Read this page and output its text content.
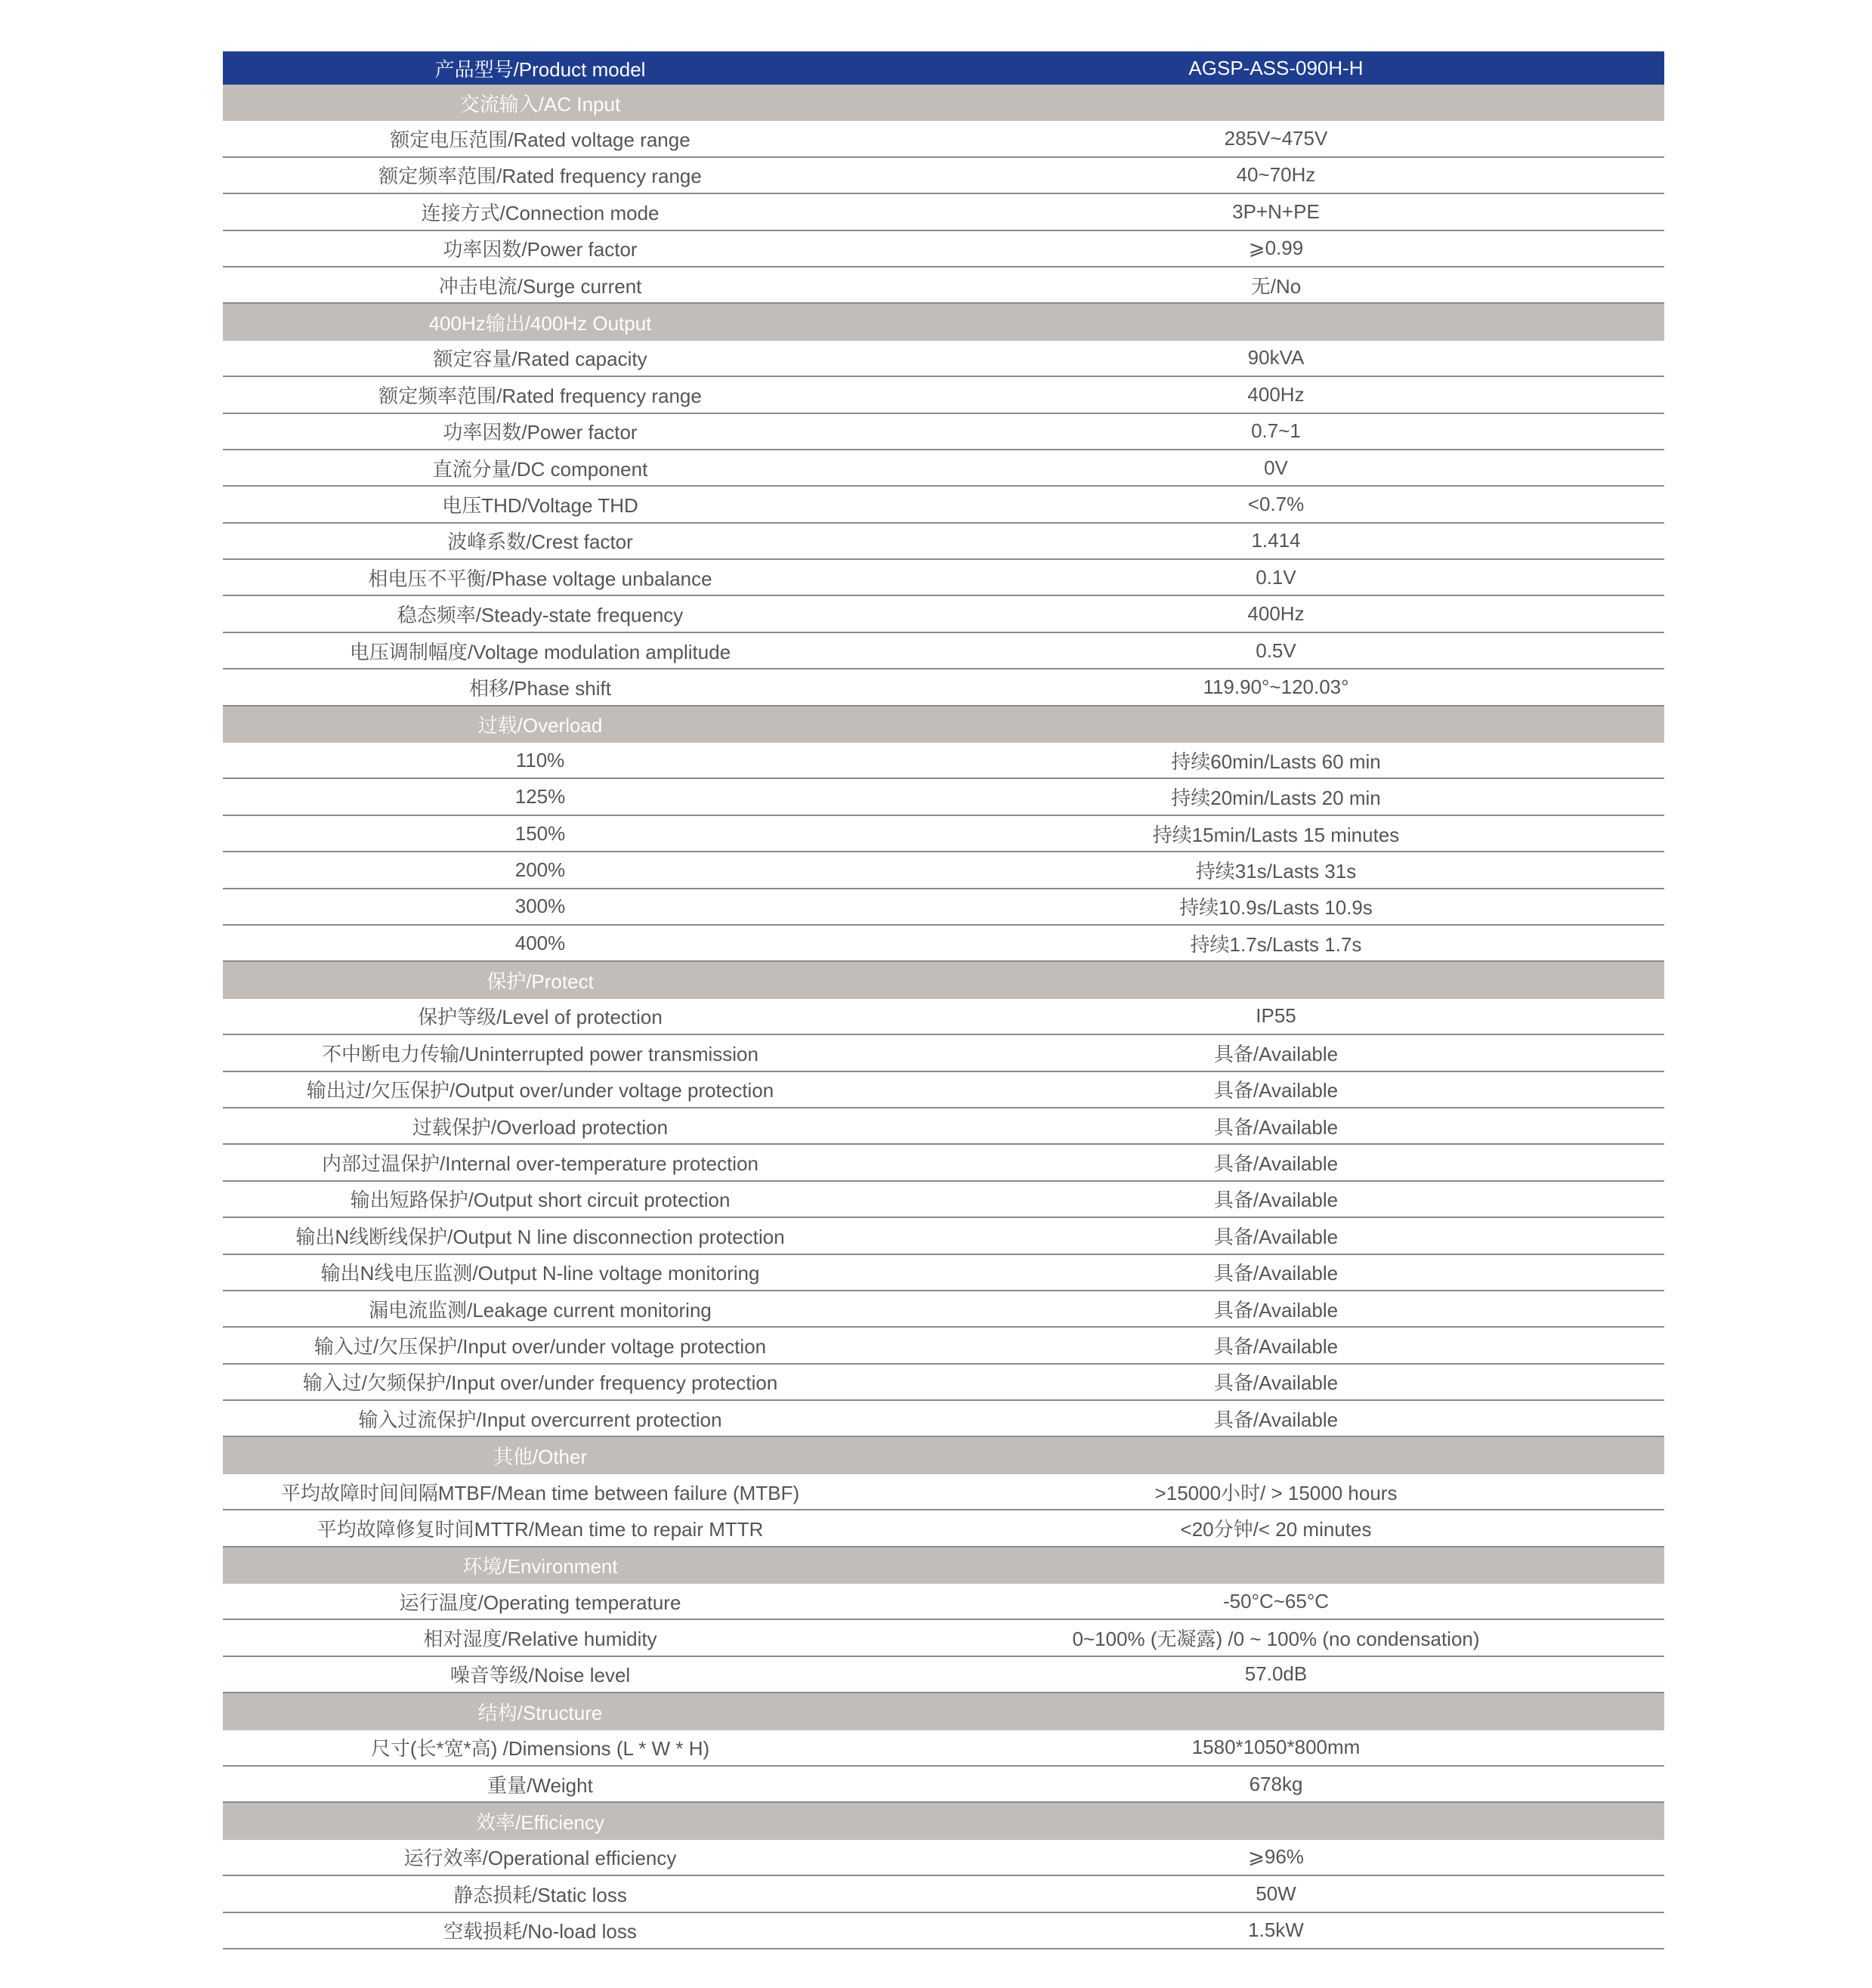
产品型号/Product model	AGSP-ASS-090H-H
交流输入/AC Input
额定电压范围/Rated voltage range	285V~475V
额定频率范围/Rated frequency range	40~70Hz
连接方式/Connection mode	3P+N+PE
功率因数/Power factor	⩾0.99
冲击电流/Surge current	无/No
400Hz输出/400Hz Output
额定容量/Rated capacity	90kVA
额定频率范围/Rated frequency range	400Hz
功率因数/Power factor	0.7~1
直流分量/DC component	0V
电压THD/Voltage THD	<0.7%
波峰系数/Crest factor	1.414
相电压不平衡/Phase voltage unbalance	0.1V
稳态频率/Steady-state frequency	400Hz
电压调制幅度/Voltage modulation amplitude	0.5V
相移/Phase shift	119.90°~120.03°
过载/Overload
110%	持续60min/Lasts 60 min
125%	持续20min/Lasts 20 min
150%	持续15min/Lasts 15 minutes
200%	持续31s/Lasts 31s
300%	持续10.9s/Lasts 10.9s
400%	持续1.7s/Lasts 1.7s
保护/Protect
保护等级/Level of protection	IP55
不中断电力传输/Uninterrupted power transmission	具备/Available
输出过/欠压保护/Output over/under voltage protection	具备/Available
过载保护/Overload protection	具备/Available
内部过温保护/Internal over-temperature protection	具备/Available
输出短路保护/Output short circuit protection	具备/Available
输出N线断线保护/Output N line disconnection protection	具备/Available
输出N线电压监测/Output N-line voltage monitoring	具备/Available
漏电流监测/Leakage current monitoring	具备/Available
输入过/欠压保护/Input over/under voltage protection	具备/Available
输入过/欠频保护/Input over/under frequency protection	具备/Available
输入过流保护/Input overcurrent protection	具备/Available
其他/Other
平均故障时间间隔MTBF/Mean time between failure (MTBF)	>15000小时/ > 15000 hours
平均故障修复时间MTTR/Mean time to repair MTTR	<20分钟/< 20 minutes
环境/Environment
运行温度/Operating temperature	-50°C~65°C
相对湿度/Relative humidity	0~100% (无凝露) /0 ~ 100% (no condensation)
噪音等级/Noise level	57.0dB
结构/Structure
尺寸(长*宽*高) /Dimensions (L * W * H)	1580*1050*800mm
重量/Weight	678kg
效率/Efficiency
运行效率/Operational efficiency	⩾96%
静态损耗/Static loss	50W
空载损耗/No-load loss	1.5kW
